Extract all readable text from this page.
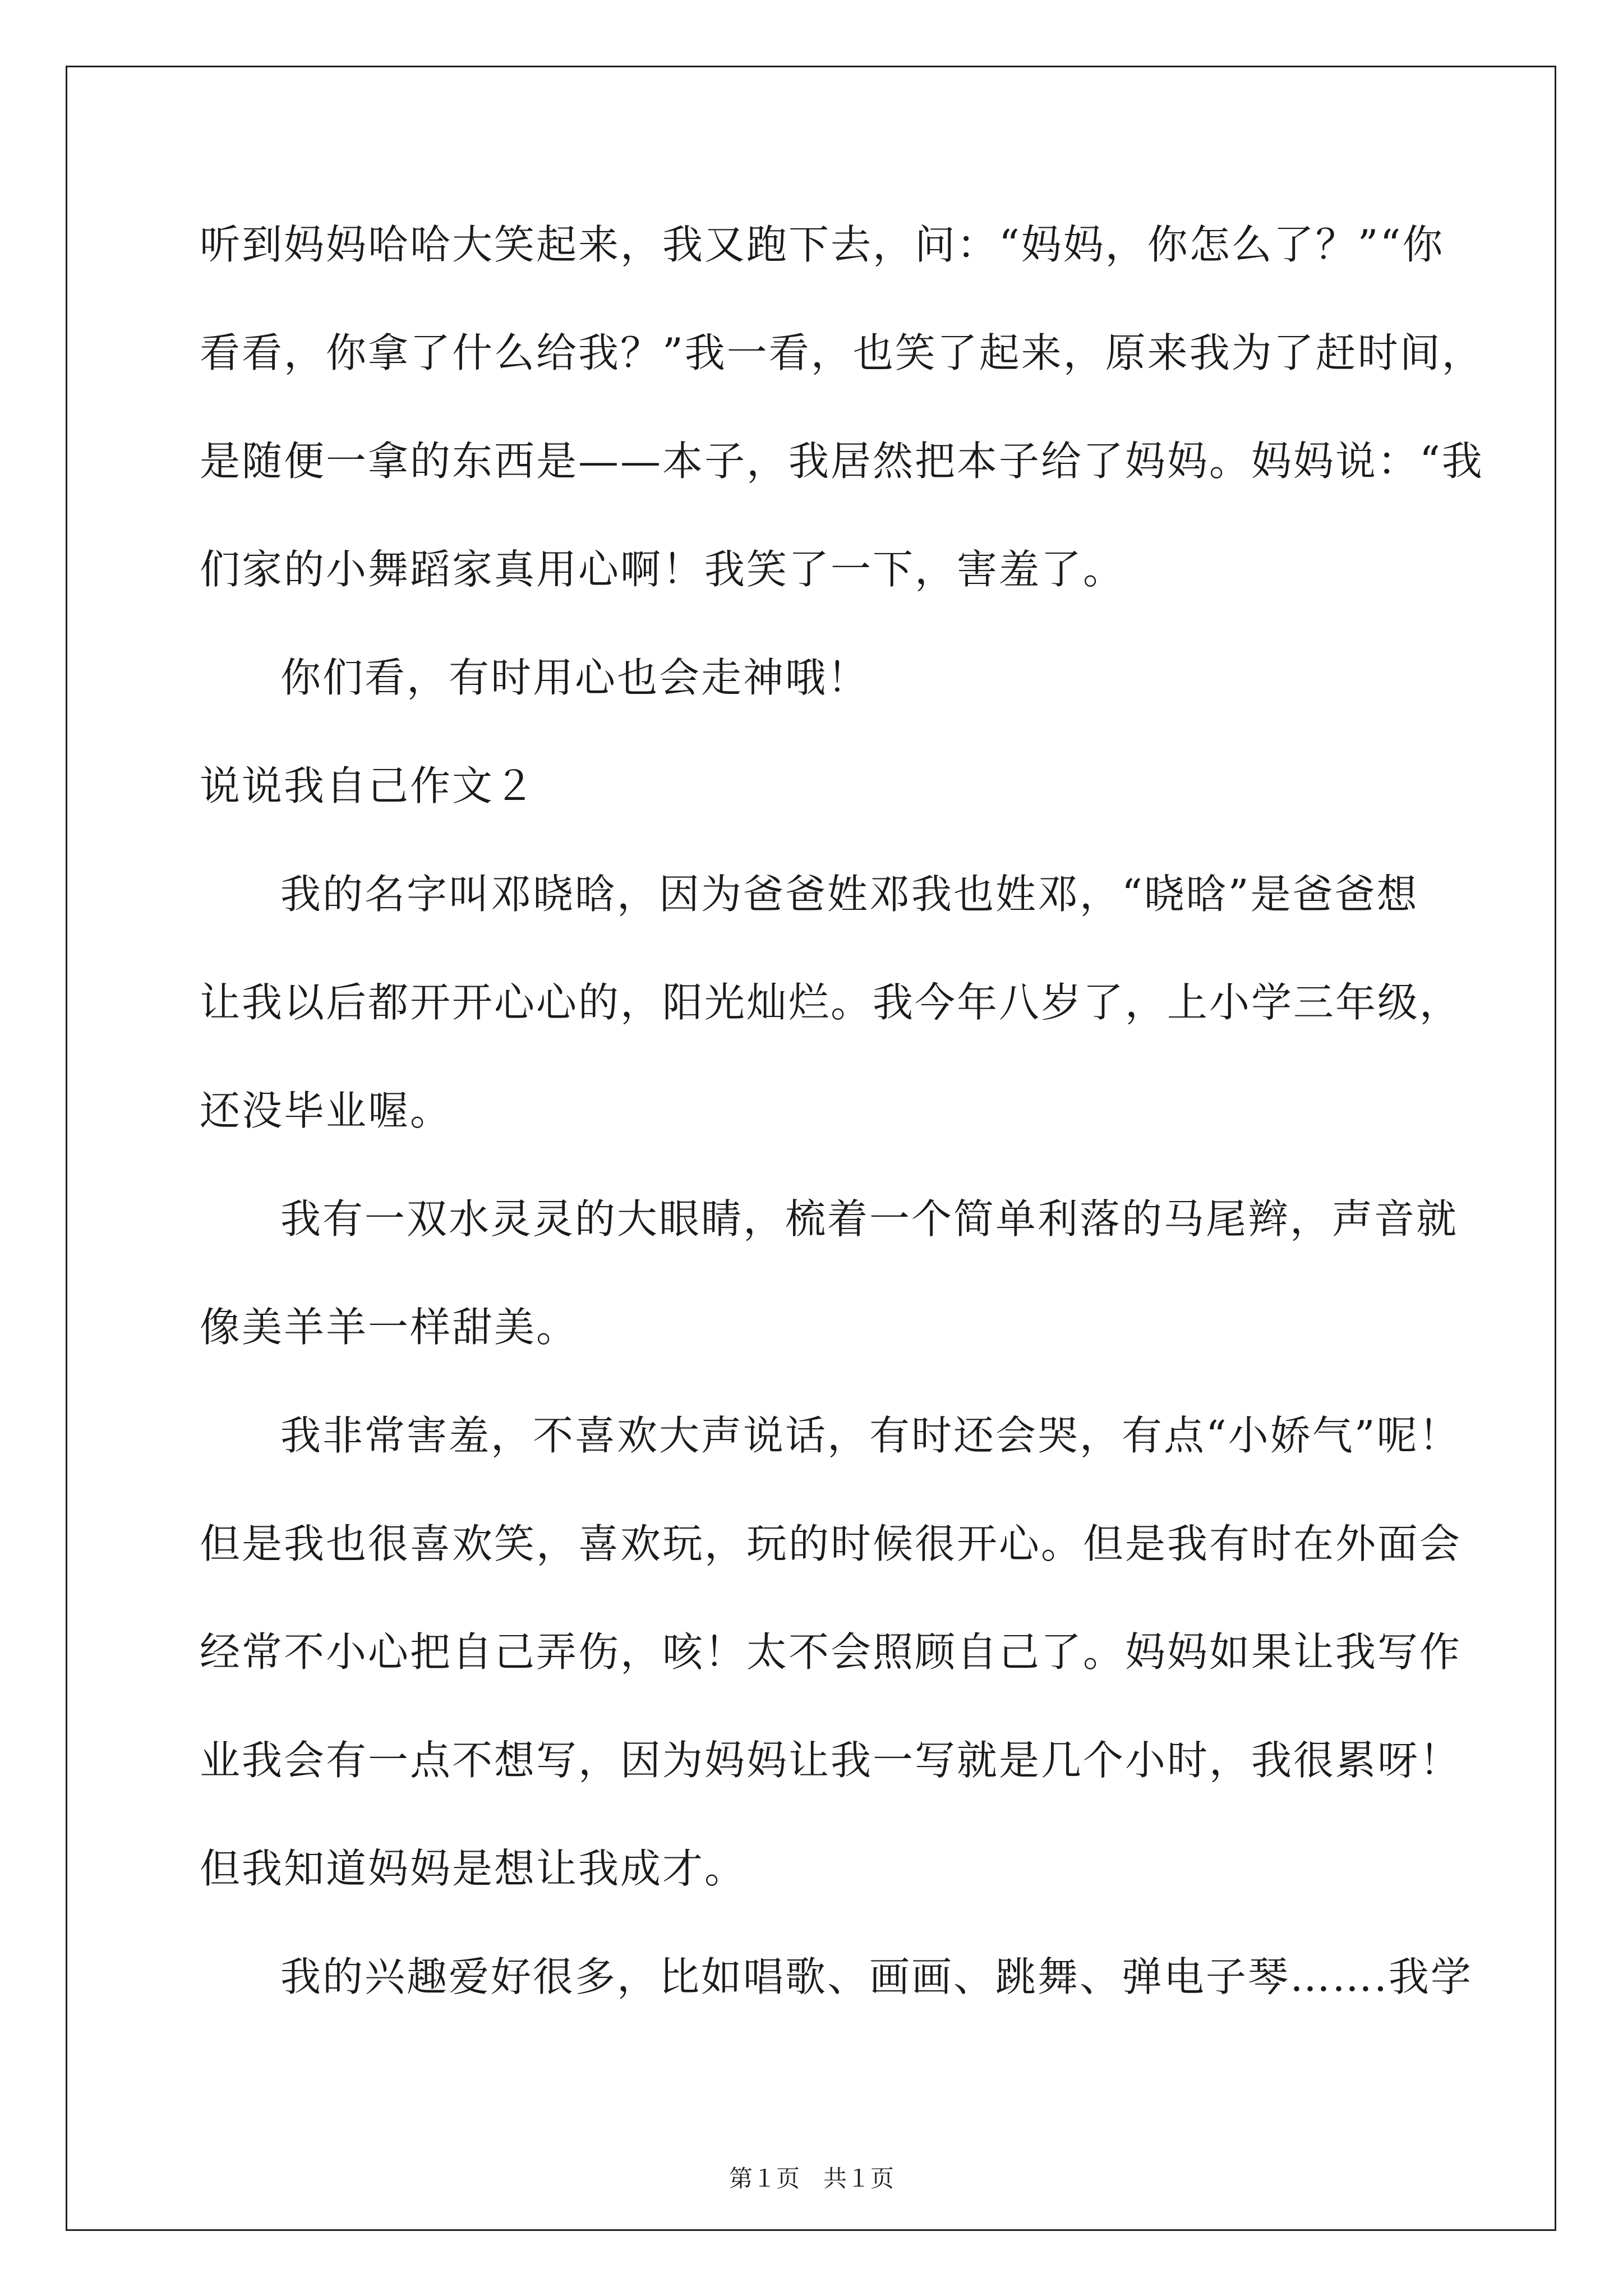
听到妈妈哈哈大笑起来，我又跑下去，问：“妈妈，你怎么了？”“你
看看，你拿了什么给我？”我一看，也笑了起来，原来我为了赶时间，
是随便一拿的东西是——本子，我居然把本子给了妈妈。妈妈说：“我
们家的小舞蹈家真用心啊！我笑了一下，害羞了。
你们看，有时用心也会走神哦！
说说我自己作文２
我的名字叫邓晓晗，因为爸爸姓邓我也姓邓，“晓晗”是爸爸想
让我以后都开开心心的，阳光灿烂。我今年八岁了，上小学三年级，
还没毕业喔。
我有一双水灵灵的大眼睛，梳着一个简单利落的马尾辫，声音就
像美羊羊一样甜美。
我非常害羞，不喜欢大声说话，有时还会哭，有点“小娇气”呢！
但是我也很喜欢笑，喜欢玩，玩的时候很开心。但是我有时在外面会
经常不小心把自己弄伤，咳！太不会照顾自己了。妈妈如果让我写作
业我会有一点不想写，因为妈妈让我一写就是几个小时，我很累呀！
但我知道妈妈是想让我成才。
我的兴趣爱好很多，比如唱歌、画画、跳舞、弹电子琴…….我学
第１页　共１页
